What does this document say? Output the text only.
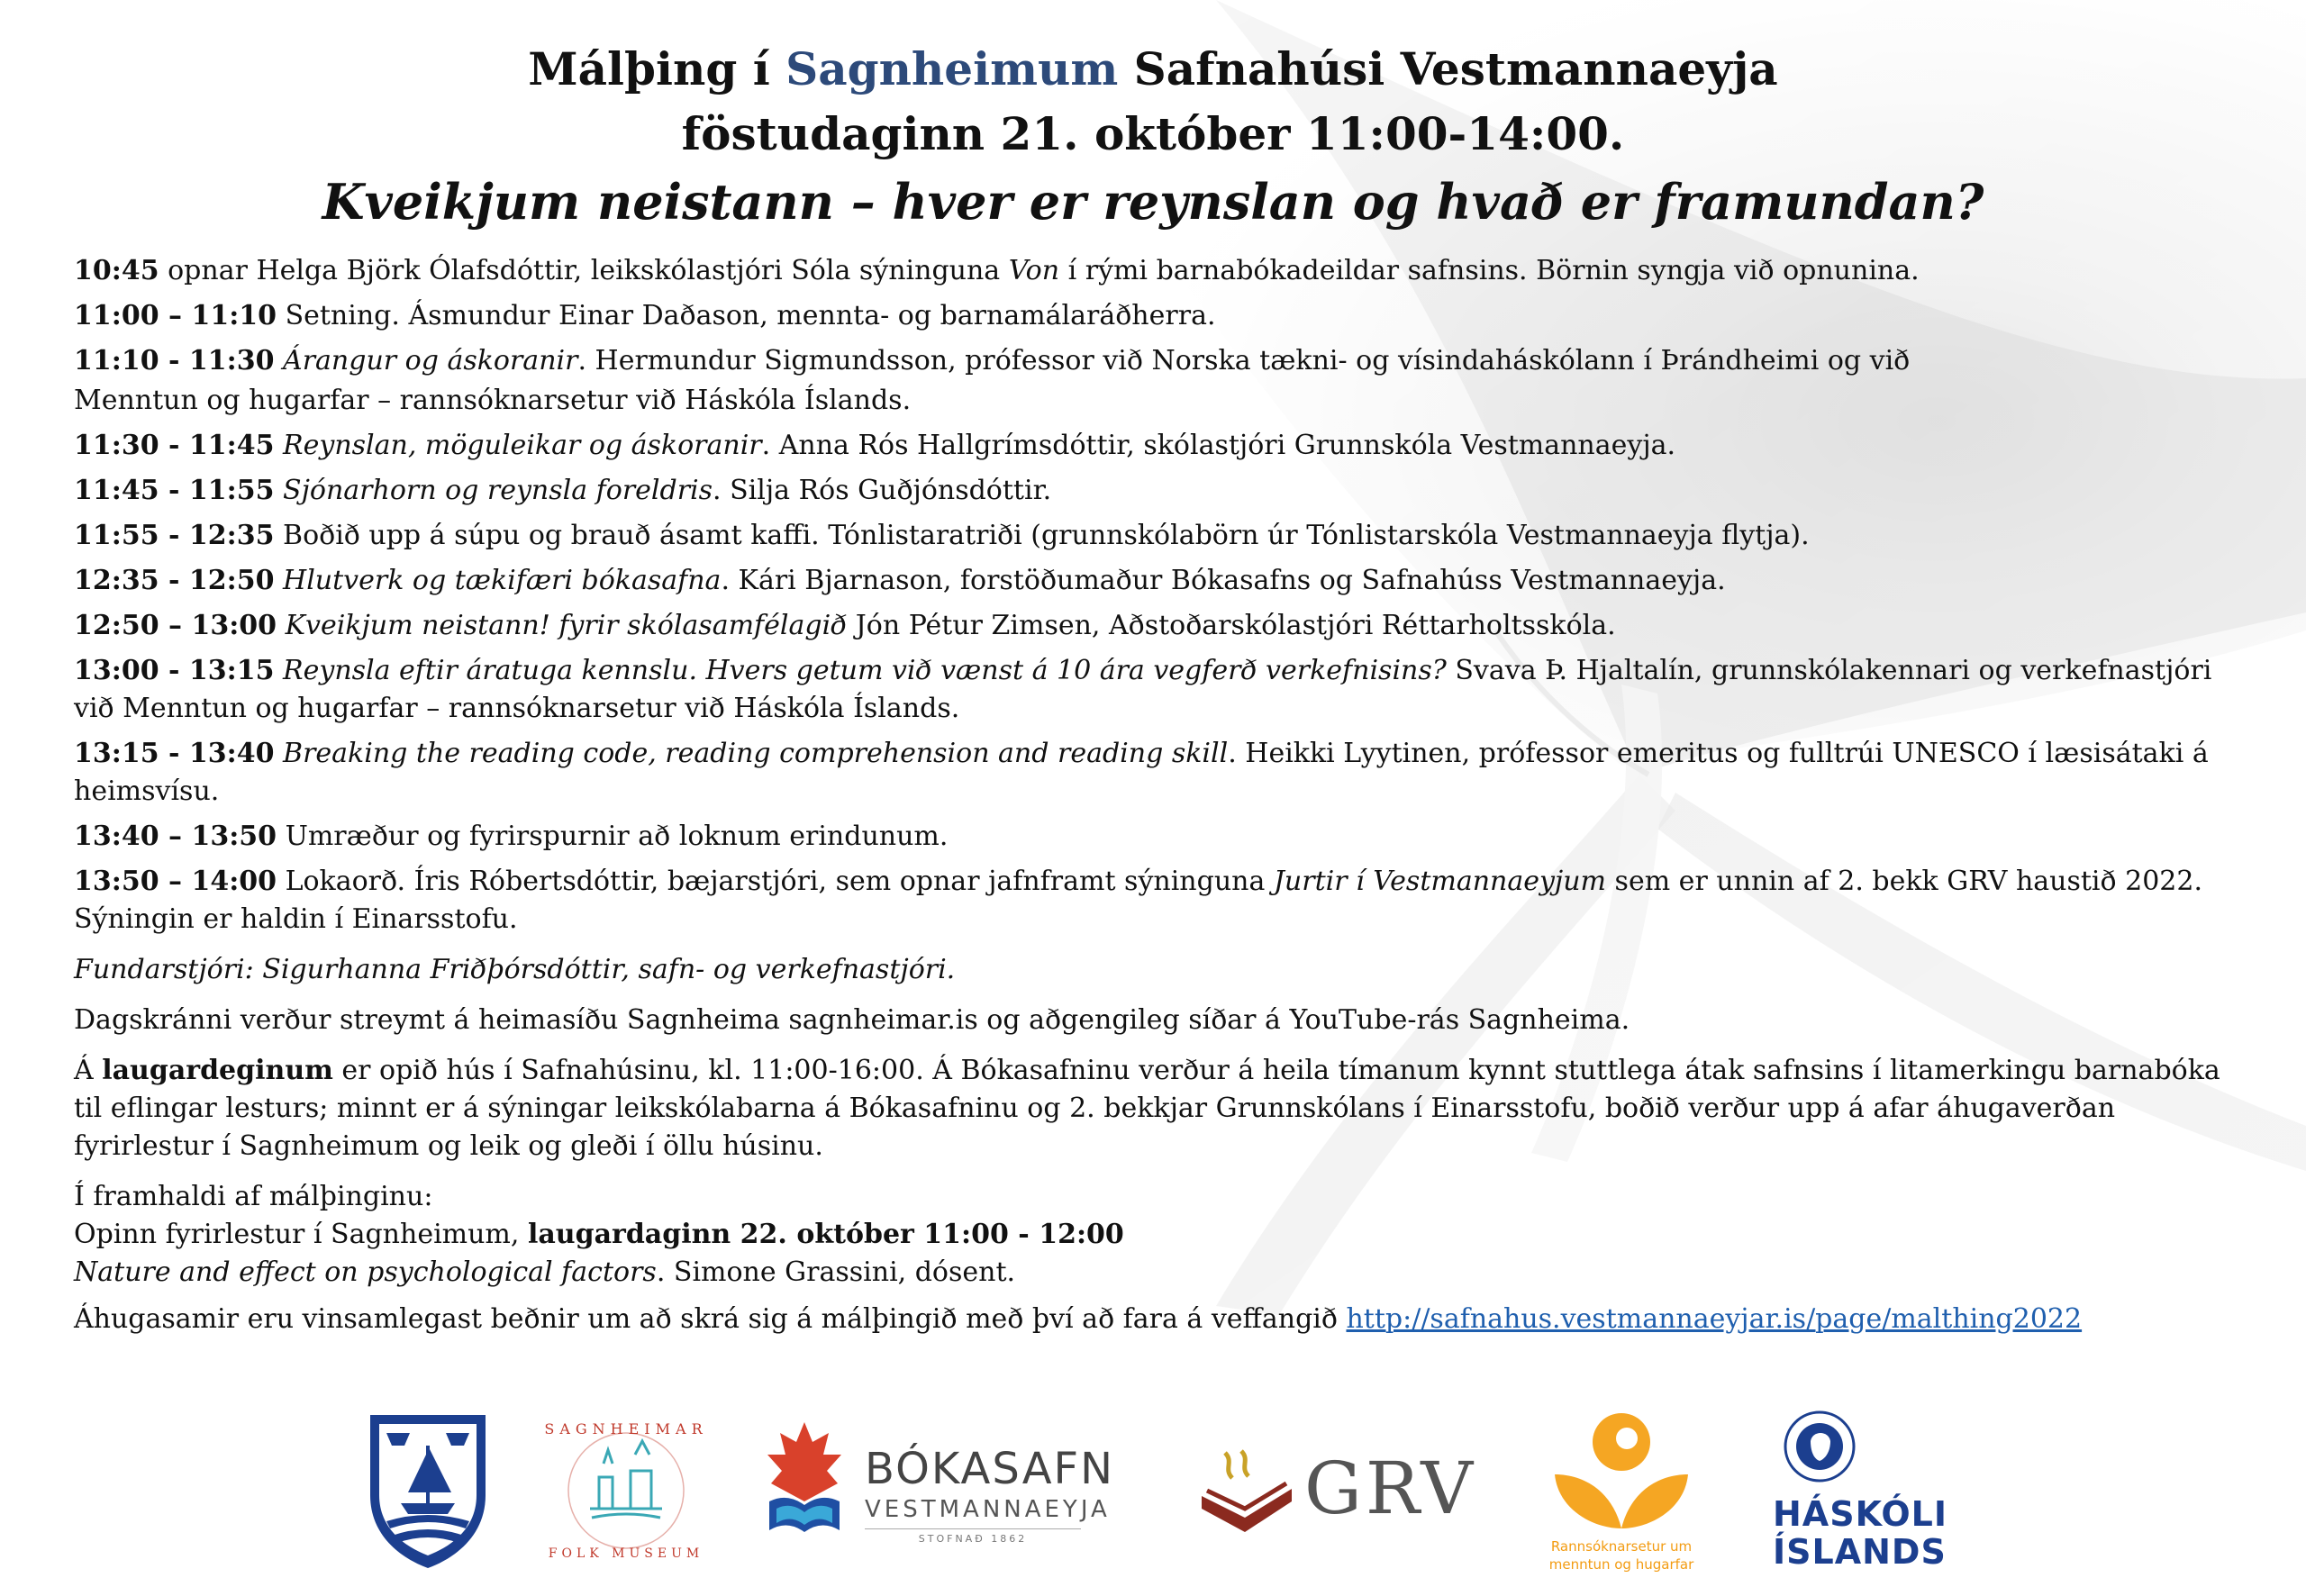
Málþing í Sagnheimum Safnahúsi Vestmannaeyja
föstudaginn 21. október 11:00-14:00.
Kveikjum neistann – hver er reynslan og hvað er framundan?
10:45 opnar Helga Björk Ólafsdóttir, leikskólastjóri Sóla sýninguna Von í rými barnabókadeildar safnsins. Börnin syngja við opnunina.
11:00 – 11:10 Setning. Ásmundur Einar Daðason, mennta- og barnamálaráðherra.
11:10 - 11:30 Árangur og áskoranir. Hermundur Sigmundsson, prófessor við Norska tækni- og vísindaháskólann í Þrándheimi og við
Menntun og hugarfar – rannsóknarsetur við Háskóla Íslands.
11:30 - 11:45 Reynslan, möguleikar og áskoranir. Anna Rós Hallgrímsdóttir, skólastjóri Grunnskóla Vestmannaeyja.
11:45 - 11:55 Sjónarhorn og reynsla foreldris. Silja Rós Guðjónsdóttir.
11:55 - 12:35 Boðið upp á súpu og brauð ásamt kaffi. Tónlistaratriði (grunnskólabörn úr Tónlistarskóla Vestmannaeyja flytja).
12:35 - 12:50 Hlutverk og tækifæri bókasafna. Kári Bjarnason, forstöðumaður Bókasafns og Safnahúss Vestmannaeyja.
12:50 – 13:00 Kveikjum neistann! fyrir skólasamfélagið Jón Pétur Zimsen, Aðstoðarskólastjóri Réttarholtsskóla.
13:00 - 13:15 Reynsla eftir áratuga kennslu. Hvers getum við vænst á 10 ára vegferð verkefnisins? Svava Þ. Hjaltalín, grunnskólakennari og verkefnastjóri við Menntun og hugarfar – rannsóknarsetur við Háskóla Íslands.
13:15 - 13:40 Breaking the reading code, reading comprehension and reading skill. Heikki Lyytinen, prófessor emeritus og fulltrúi UNESCO í læsisátaki á heimsvísu.
13:40 – 13:50 Umræður og fyrirspurnir að loknum erindunum.
13:50 – 14:00 Lokaorð. Íris Róbertsdóttir, bæjarstjóri, sem opnar jafnframt sýninguna Jurtir í Vestmannaeyjum sem er unnin af 2. bekk GRV haustið 2022. Sýningin er haldin í Einarsstofu.
Fundarstjóri: Sigurhanna Friðþórsdóttir, safn- og verkefnastjóri.
Dagskránni verður streymt á heimasíðu Sagnheima sagnheimar.is og aðgengileg síðar á YouTube-rás Sagnheima.
Á laugardeginum er opið hús í Safnahúsinu, kl. 11:00-16:00. Á Bókasafninu verður á heila tímanum kynnt stuttlega átak safnsins í litamerkingu barnabóka til eflingar lesturs; minnt er á sýningar leikskólabarna á Bókasafninu og 2. bekkjar Grunnskólans í Einarsstofu, boðið verður upp á afar áhugaverðan fyrirlestur í Sagnheimum og leik og gleði í öllu húsinu.
Í framhaldi af málþinginu:
Opinn fyrirlestur í Sagnheimum, laugardaginn 22. október 11:00 - 12:00
Nature and effect on psychological factors. Simone Grassini, dósent.
Áhugasamir eru vinsamlegast beðnir um að skrá sig á málþingið með því að fara á veffangið http://safnahus.vestmannaeyjar.is/page/malthing2022
SAGNHEIMAR
FOLK MUSEUM
BÓKASAFN
VESTMANNAEYJA
STOFNAÐ 1862
GRV
Rannsóknarsetur um
menntun og hugarfar
HÁSKÓLI
ÍSLANDS
